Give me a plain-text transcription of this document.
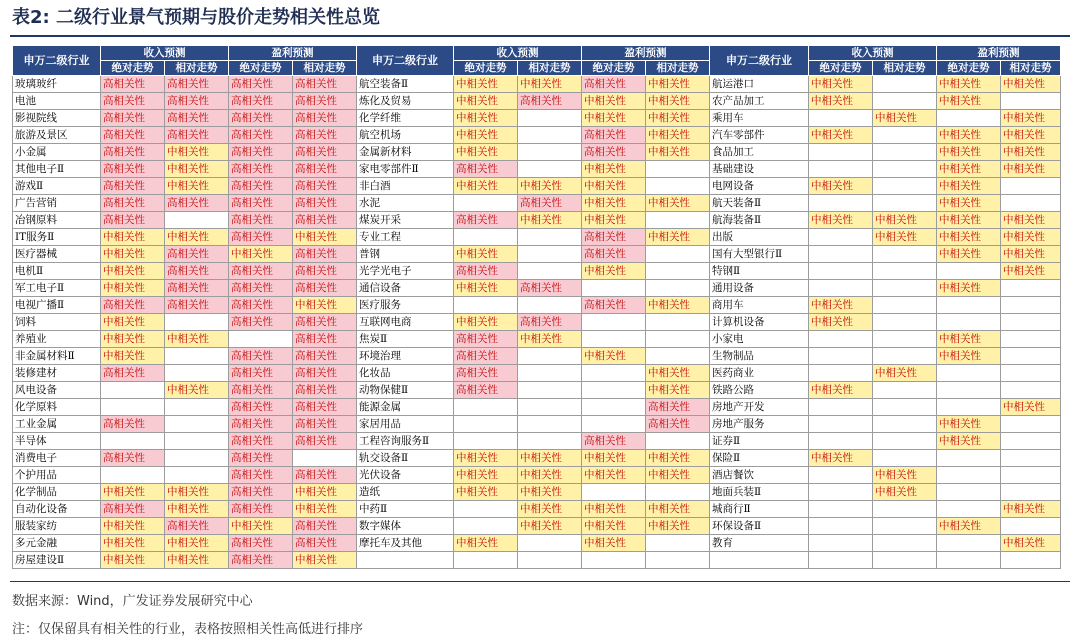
表2: 二级行业景气预期与股价走势相关性总览
申万二级行业	收入预测		盈利预测		申万二级行业	收入预测		盈利预测		申万二级行业	收入预测		盈利预测	
	绝对走势	相对走势	绝对走势	相对走势		绝对走势	相对走势	绝对走势	相对走势		绝对走势	相对走势	绝对走势	相对走势
玻璃玻纤	高相关性	高相关性	高相关性	高相关性	航空装备Ⅱ	中相关性	中相关性	高相关性	中相关性	航运港口	中相关性		中相关性	中相关性
电池	高相关性	高相关性	高相关性	高相关性	炼化及贸易	中相关性	高相关性	中相关性	中相关性	农产品加工	中相关性		中相关性	
影视院线	高相关性	高相关性	高相关性	高相关性	化学纤维	中相关性		中相关性	中相关性	乘用车		中相关性		中相关性
旅游及景区	高相关性	高相关性	高相关性	高相关性	航空机场	中相关性		高相关性	中相关性	汽车零部件	中相关性		中相关性	中相关性
小金属	高相关性	中相关性	高相关性	高相关性	金属新材料	中相关性		高相关性	中相关性	食品加工			中相关性	中相关性
其他电子Ⅱ	高相关性	中相关性	高相关性	高相关性	家电零部件Ⅱ	高相关性		中相关性		基础建设			中相关性	中相关性
游戏Ⅱ	高相关性	中相关性	高相关性	高相关性	非白酒	中相关性	中相关性	中相关性		电网设备	中相关性		中相关性	
广告营销	高相关性	高相关性	高相关性	高相关性	水泥		高相关性	中相关性	中相关性	航天装备Ⅱ			中相关性	
冶钢原料	高相关性		高相关性	高相关性	煤炭开采	高相关性	中相关性	中相关性		航海装备Ⅱ	中相关性	中相关性	中相关性	中相关性
IT服务Ⅱ	中相关性	中相关性	高相关性	中相关性	专业工程			高相关性	中相关性	出版		中相关性	中相关性	中相关性
医疗器械	中相关性	高相关性	中相关性	高相关性	普钢	中相关性		高相关性		国有大型银行Ⅱ			中相关性	中相关性
电机Ⅱ	中相关性	高相关性	高相关性	高相关性	光学光电子	高相关性		中相关性		特钢Ⅱ				中相关性
军工电子Ⅱ	中相关性	高相关性	高相关性	高相关性	通信设备	中相关性	高相关性			通用设备			中相关性	
电视广播Ⅱ	高相关性	高相关性	高相关性	中相关性	医疗服务			高相关性	中相关性	商用车	中相关性			
饲料	中相关性		高相关性	高相关性	互联网电商	中相关性	高相关性			计算机设备	中相关性			
养殖业	中相关性	中相关性		高相关性	焦炭Ⅱ	高相关性	中相关性			小家电			中相关性	
非金属材料Ⅱ	中相关性		高相关性	高相关性	环境治理	高相关性		中相关性		生物制品			中相关性	
装修建材	高相关性		高相关性	高相关性	化妆品	高相关性			中相关性	医药商业		中相关性		
风电设备		中相关性	高相关性	高相关性	动物保健Ⅱ	高相关性			中相关性	铁路公路	中相关性			
化学原料			高相关性	高相关性	能源金属				高相关性	房地产开发				中相关性
工业金属	高相关性		高相关性	高相关性	家居用品				高相关性	房地产服务			中相关性	
半导体			高相关性	高相关性	工程咨询服务Ⅱ			高相关性		证券Ⅱ			中相关性	
消费电子	高相关性		高相关性		轨交设备Ⅱ	中相关性	中相关性	中相关性	中相关性	保险Ⅱ	中相关性			
个护用品			高相关性	高相关性	光伏设备	中相关性	中相关性	中相关性	中相关性	酒店餐饮		中相关性		
化学制品	中相关性	中相关性	高相关性	中相关性	造纸	中相关性	中相关性			地面兵装Ⅱ		中相关性		
自动化设备	高相关性	中相关性	高相关性	中相关性	中药Ⅱ		中相关性	中相关性	中相关性	城商行Ⅱ				中相关性
服装家纺	中相关性	高相关性	中相关性	高相关性	数字媒体		中相关性	中相关性	中相关性	环保设备Ⅱ			中相关性	
多元金融	中相关性	中相关性	高相关性	高相关性	摩托车及其他	中相关性		中相关性		教育				中相关性
房屋建设Ⅱ	中相关性	中相关性	高相关性	中相关性										
数据来源：Wind，广发证券发展研究中心
注：仅保留具有相关性的行业，表格按照相关性高低进行排序
